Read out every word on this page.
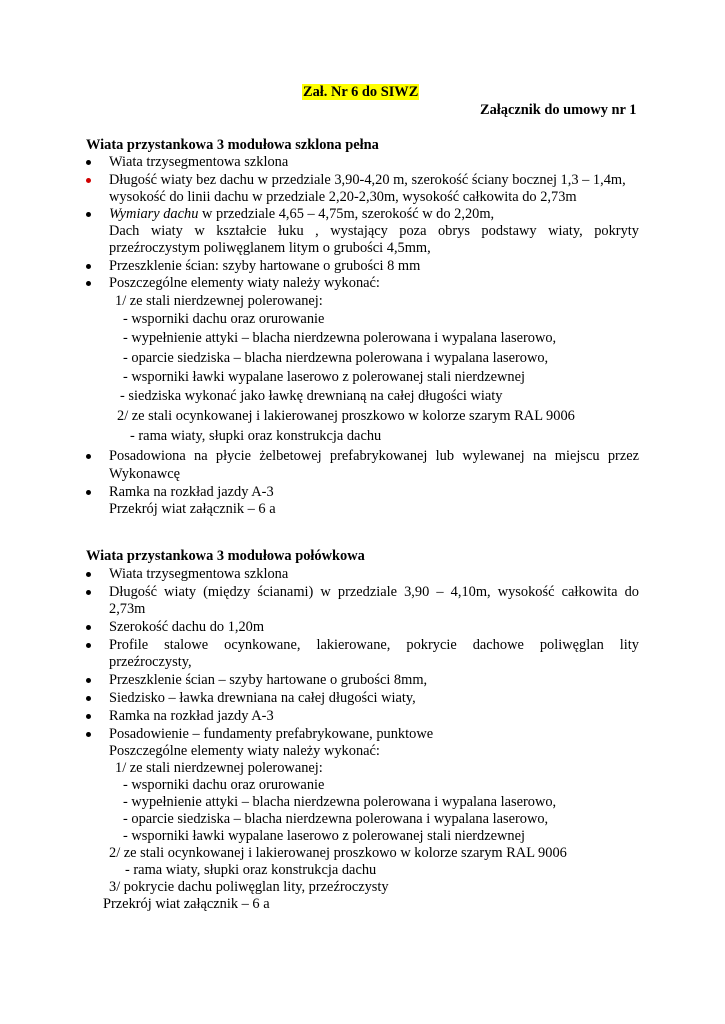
Zał. Nr 6 do SIWZ
Załącznik do umowy nr 1
Wiata przystankowa 3 modułowa szklona pełna
Wiata trzysegmentowa szklona
Długość wiaty bez dachu w przedziale 3,90-4,20 m, szerokość ściany bocznej 1,3 – 1,4m,
wysokość do linii dachu w przedziale 2,20-2,30m, wysokość całkowita do 2,73m
Wymiary dachu w przedziale 4,65 – 4,75m, szerokość w do 2,20m,
Dach wiaty w kształcie łuku , wystający poza obrys podstawy wiaty, pokryty
przeźroczystym poliwęglanem litym o grubości 4,5mm,
Przeszklenie ścian: szyby hartowane o grubości 8 mm
Poszczególne elementy wiaty należy wykonać:
1/ ze stali nierdzewnej polerowanej:
- wsporniki dachu oraz orurowanie
- wypełnienie attyki – blacha nierdzewna polerowana i wypalana laserowo,
- oparcie siedziska – blacha nierdzewna polerowana i wypalana laserowo,
- wsporniki ławki wypalane laserowo z polerowanej stali nierdzewnej
- siedziska wykonać jako ławkę drewnianą na całej długości wiaty
2/ ze stali ocynkowanej i lakierowanej proszkowo w kolorze szarym RAL 9006
- rama wiaty, słupki oraz konstrukcja dachu
Posadowiona na płycie żelbetowej prefabrykowanej lub wylewanej na miejscu przez
Wykonawcę
Ramka na rozkład jazdy A-3
Przekrój wiat załącznik – 6 a
Wiata przystankowa 3 modułowa połówkowa
Wiata trzysegmentowa szklona
Długość wiaty (między ścianami) w przedziale 3,90 – 4,10m, wysokość całkowita do
2,73m
Szerokość dachu do 1,20m
Profile stalowe ocynkowane, lakierowane, pokrycie dachowe poliwęglan lity
przeźroczysty,
Przeszklenie ścian – szyby hartowane o grubości 8mm,
Siedzisko – ławka drewniana na całej długości wiaty,
Ramka na rozkład jazdy A-3
Posadowienie – fundamenty prefabrykowane, punktowe
Poszczególne elementy wiaty należy wykonać:
1/ ze stali nierdzewnej polerowanej:
- wsporniki dachu oraz orurowanie
- wypełnienie attyki – blacha nierdzewna polerowana i wypalana laserowo,
- oparcie siedziska – blacha nierdzewna polerowana i wypalana laserowo,
- wsporniki ławki wypalane laserowo z polerowanej stali nierdzewnej
2/ ze stali ocynkowanej i lakierowanej proszkowo w kolorze szarym RAL 9006
- rama wiaty, słupki oraz konstrukcja dachu
3/ pokrycie dachu poliwęglan lity, przeźroczysty
Przekrój wiat załącznik – 6 a
